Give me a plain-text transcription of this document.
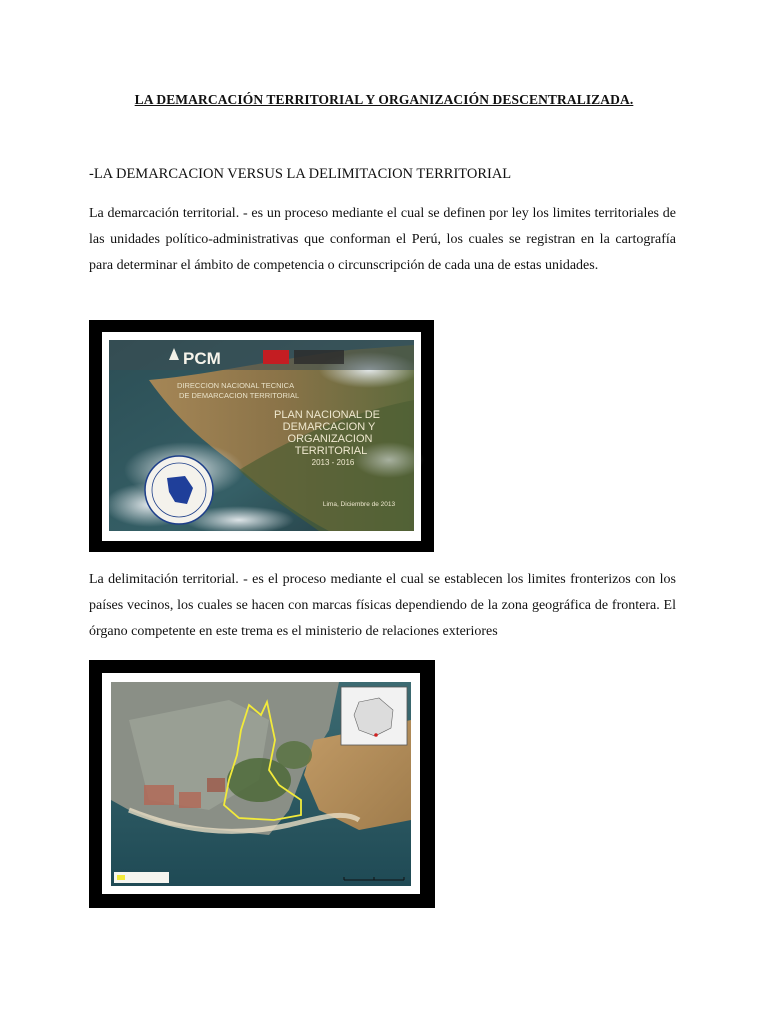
LA DEMARCACIÓN TERRITORIAL Y ORGANIZACIÓN DESCENTRALIZADA.
-LA DEMARCACION VERSUS LA DELIMITACION TERRITORIAL
La demarcación territorial. - es un proceso mediante el cual se definen por ley los limites territoriales de las unidades político-administrativas que conforman el Perú, los cuales se registran en la cartografía para determinar el ámbito de competencia o circunscripción de cada una de estas unidades.
PCM
DIRECCION NACIONAL TECNICA
DE DEMARCACION TERRITORIAL
PLAN NACIONAL DE
DEMARCACION Y
ORGANIZACION
TERRITORIAL
2013 - 2016
Lima, Diciembre de 2013
La delimitación territorial. - es el proceso mediante el cual se establecen los limites fronterizos con los países vecinos, los cuales se hacen con marcas físicas dependiendo de la zona geográfica de frontera. El órgano competente en este trema es el ministerio de relaciones exteriores
